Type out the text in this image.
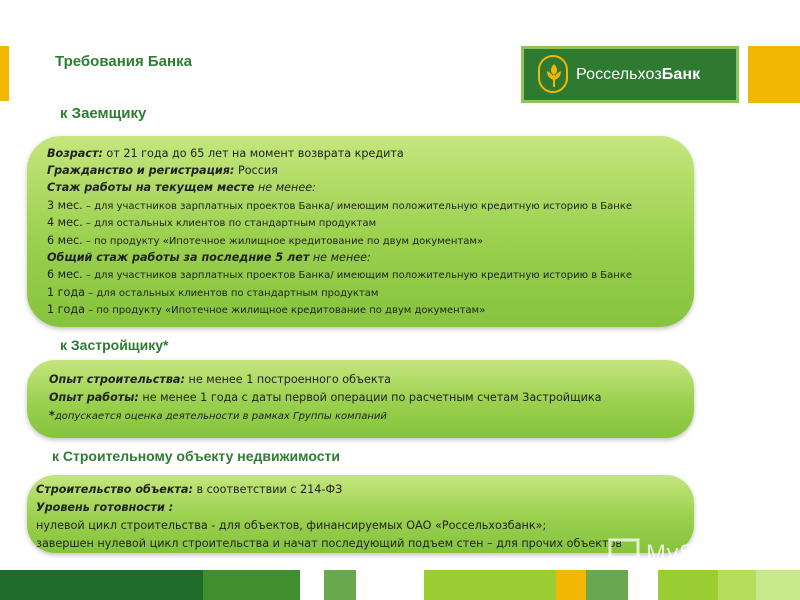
Требования Банка
РоссельхозБанк
к Заемщику
Возраст: от 21 года до 65 лет на момент возврата кредита
Гражданство и регистрация: Россия
Стаж работы на текущем месте не менее:
3 мес. – для участников зарплатных проектов Банка/ имеющим положительную кредитную историю в Банке
4 мес. – для остальных клиентов по стандартным продуктам
6 мес. – по продукту «Ипотечное жилищное кредитование по двум документам»
Общий стаж работы за последние 5 лет не менее:
6 мес. – для участников зарплатных проектов Банка/ имеющим положительную кредитную историю в Банке
1 года – для остальных клиентов по стандартным продуктам
1 года – по продукту «Ипотечное жилищное кредитование по двум документам»
к Застройщику*
Опыт строительства: не менее 1 построенного объекта
Опыт работы: не менее 1 года с даты первой операции по расчетным счетам Застройщика
*допускается оценка деятельности в рамках Группы компаний
к Строительному объекту недвижимости
Строительство объекта: в соответствии с 214-ФЗ
Уровень готовности :
нулевой цикл строительства - для объектов, финансируемых ОАО «Россельхозбанк»;
завершен нулевой цикл строительства и начат последующий подъем стен – для прочих объектов MyShared
